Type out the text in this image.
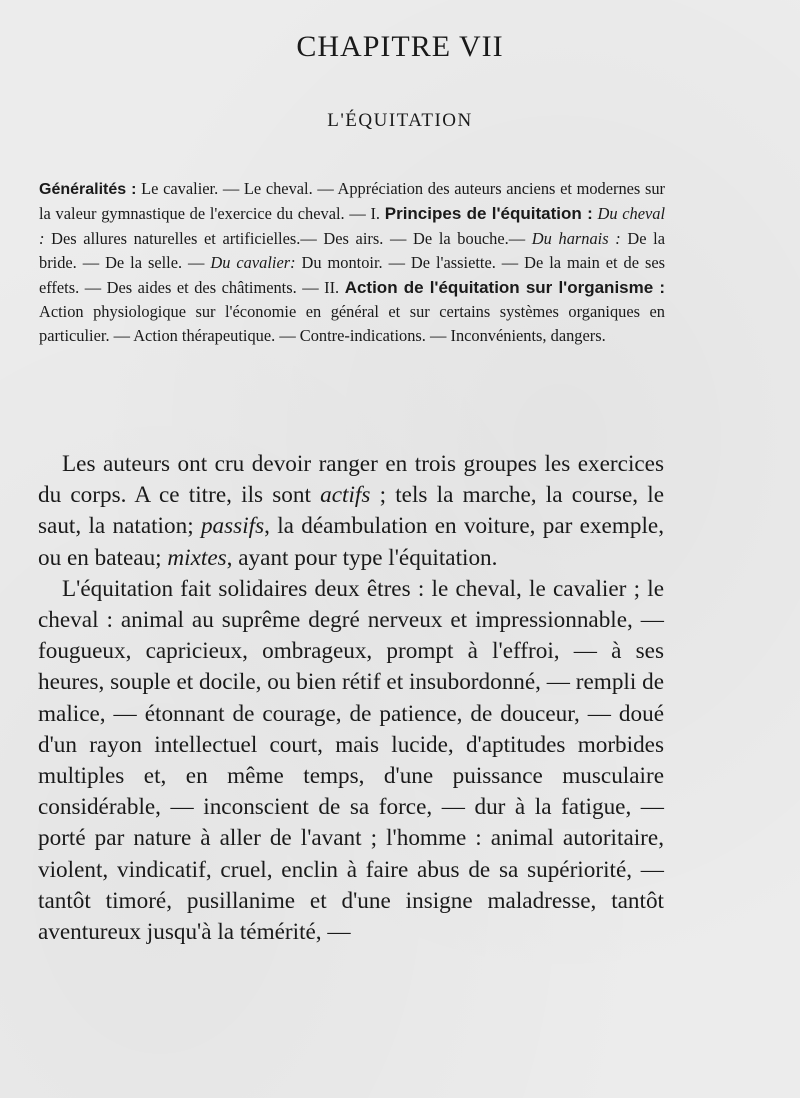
CHAPITRE VII
L'ÉQUITATION

Généralités : Le cavalier. — Le cheval. — Appréciation des auteurs anciens et modernes sur la valeur gymnastique de l'exercice du cheval. — I. Principes de l'équitation : Du cheval : Des allures naturelles et artificielles.— Des airs. — De la bouche.— Du harnais : De la bride. — De la selle. — Du cavalier: Du montoir. — De l'assiette. — De la main et de ses effets. — Des aides et des châtiments. — II. Action de l'équitation sur l'organisme : Action physiologique sur l'économie en général et sur certains systèmes organiques en particulier. — Action thérapeutique. — Contre-indications. — Inconvénients, dangers.

Les auteurs ont cru devoir ranger en trois groupes les exercices du corps. A ce titre, ils sont actifs ; tels la marche, la course, le saut, la natation; passifs, la déambulation en voiture, par exemple, ou en bateau; mixtes, ayant pour type l'équitation.

L'équitation fait solidaires deux êtres : le cheval, le cavalier ; le cheval : animal au suprême degré nerveux et impressionnable, — fougueux, capricieux, ombrageux, prompt à l'effroi, — à ses heures, souple et docile, ou bien rétif et insubordonné, — rempli de malice, — étonnant de courage, de patience, de douceur, — doué d'un rayon intellectuel court, mais lucide, d'aptitudes morbides multiples et, en même temps, d'une puissance musculaire considérable, — inconscient de sa force, — dur à la fatigue, — porté par nature à aller de l'avant ; l'homme : animal autoritaire, violent, vindicatif, cruel, enclin à faire abus de sa supériorité, — tantôt timoré, pusillanime et d'une insigne maladresse, tantôt aventureux jusqu'à la témérité, —
